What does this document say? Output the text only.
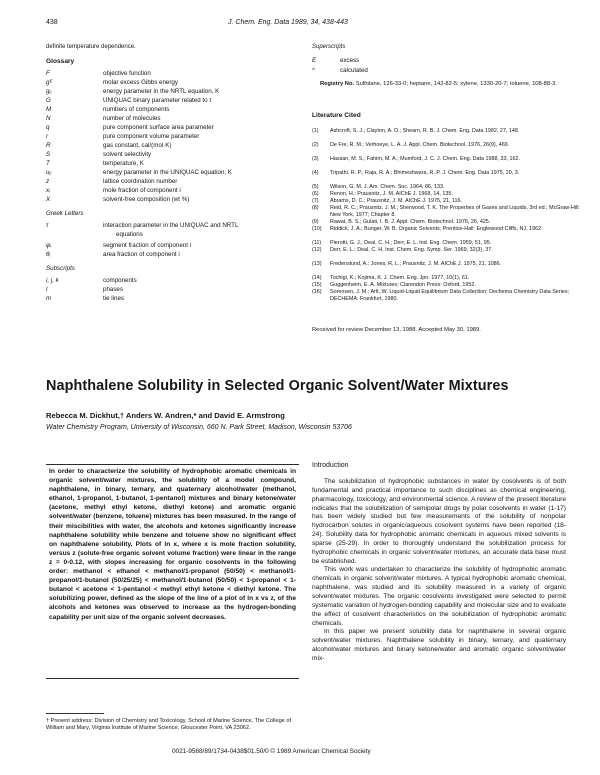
438	J. Chem. Eng. Data 1989, 34, 438-443
definite temperature dependence.
Glossary
F	objective function
gᴱ	molar excess Gibbs energy
gᵢⱼ	energy parameter in the NRTL equation, K
G	UNIQUAC binary parameter related to τ
M	numbers of components
N	number of molecules
q	pure component surface area parameter
r	pure component volume parameter
R	gas constant, cal/(mol·K)
S	solvent selectivity
T	temperature, K
uᵢⱼ	energy parameter in the UNIQUAC equation, K
z	lattice coordination number
xᵢ	mole fraction of component i
X	solvent-free composition (wt %)
Greek Letters
τ	interaction parameter in the UNIQUAC and NRTL
equations
φᵢ	segment fraction of component i
θᵢ	area fraction of component i
Subscripts
i, j, k	components
l	phases
m	tie lines
Superscripts
E	excess
^	calculated
Registry No. Sulfolane, 126-33-0; heptane, 142-82-5; xylene, 1330-20-7; toluene, 108-88-3.
Literature Cited
(1) Ashcroft, S. J.; Clayton, A. D.; Shearn, R. B. J. Chem. Eng. Data 1982, 27, 148.
(2) De Fre, R. M.; Verhoeye, L. A. J. Appl. Chem. Biotechnol. 1976, 26(9), 469.
(3) Hassan, M. S.; Fahim, M. A.; Mumford, J. C. J. Chem. Eng. Data 1988, 33, 162.
(4) Tripathi, R. P.; Raja, R. A.; Bhimeshwara, R. P. J. Chem. Eng. Data 1975, 20, 3.
(5) Wilson, G. M. J. Am. Chem. Soc. 1964, 86, 133.
(6) Renon, H.; Prausnitz, J. M. AIChE J. 1968, 14, 135.
(7) Abrams, D. C.; Prausnitz, J. M. AIChE J. 1975, 21, 116.
(8) Reid, R. C.; Prausnitz, J. M.; Sherwood, T. K. The Properties of Gases and Liquids, 3rd ed.; McGraw-Hill: New York, 1977; Chapter 8.
(9) Rawat, B. S.; Gulati, I. B. J. Appl. Chem. Biotechnol. 1976, 26, 425.
(10) Riddick, J. A.; Bunger, W. B. Organic Solvents; Prentice-Hall: Englewood Cliffs, NJ, 1962.
(11) Pierotti, G. J.; Deal, C. H.; Derr, E. L. Ind. Eng. Chem. 1959, 51, 95.
(12) Derr, E. L.; Deal, C. H. Inst. Chem. Eng. Symp. Ser. 1969, 32(3), 37.
(13) Fredenslund, A.; Jones, R. L.; Prausnitz, J. M. AIChE J. 1975, 21, 1086.
(14) Tochigi, K.; Kojima, K. J. Chem. Eng. Jpn. 1977, 10(1), 61.
(15) Guggenheim, E. A. Mixtures; Clarendon Press: Oxford, 1952.
(16) Sorensen, J. M.; Arlt, W. Liquid-Liquid Equilibrium Data Collection; Dechema Chemistry Data Series; DECHEMA: Frankfurt, 1980.
Received for review December 13, 1988. Accepted May 30, 1989.
Naphthalene Solubility in Selected Organic Solvent/Water Mixtures
Rebecca M. Dickhut,† Anders W. Andren,* and David E. Armstrong
Water Chemistry Program, University of Wisconsin, 660 N. Park Street, Madison, Wisconsin 53706
In order to characterize the solubility of hydrophobic aromatic chemicals in organic solvent/water mixtures, the solubility of a model compound, naphthalene, in binary, ternary, and quaternary alcohol/water (methanol, ethanol, 1-propanol, 1-butanol, 1-pentanol) mixtures and binary ketone/water (acetone, methyl ethyl ketone, diethyl ketone) and aromatic organic solvent/water (benzene, toluene) mixtures has been measured. In the range of their miscibilities with water, the alcohols and ketones significantly increase naphthalene solubility while benzene and toluene show no significant effect on naphthalene solubility. Plots of ln x, where x is mole fraction solubility, versus z (solute-free organic solvent volume fraction) were linear in the range z = 0-0.12, with slopes increasing for organic cosolvents in the following order: methanol < ethanol < methanol/1-propanol (50/50) < methanol/1-propanol/1-butanol (50/25/25) < methanol/1-butanol (50/50) < 1-propanol < 1-butanol < acetone < 1-pentanol < methyl ethyl ketone < diethyl ketone. The solubilizing power, defined as the slope of the line of a plot of ln x vs z, of the alcohols and ketones was observed to increase as the hydrogen-bonding capability per unit size of the organic solvent decreases.
Introduction

The solubilization of hydrophobic substances in water by cosolvents is of both fundamental and practical importance to such disciplines as chemical engineering, pharmacology, toxicology, and environmental science. A review of the present literature indicates that the solubilization of semipolar drugs by polar cosolvents in water (1-17) has been widely studied but few measurements of the solubility of nonpolar hydrocarbon solutes in organic/aqueous cosolvent systems have been reported (18-24). Solubility data for hydrophobic aromatic chemicals in aqueous mixed solvents is sparse (25-29). In order to thoroughly understand the solubilization process for hydrophobic chemicals in organic solvent/water mixtures, an accurate data base must be established.

This work was undertaken to characterize the solubility of hydrophobic aromatic chemicals in organic solvent/water mixtures. A typical hydrophobic aromatic chemical, naphthalene, was studied and its solubility measured in a variety of organic solvent/water mixtures. The organic cosolvents investigated were selected to permit systematic variation of hydrogen-bonding capability and molecular size and to evaluate the effect of cosolvent characteristics on the solubilization of hydrophobic aromatic chemicals.

In this paper we present solubility data for naphthalene in several organic solvent/water mixtures. Naphthalene solubility in binary, ternary, and quaternary alcohol/water mixtures and binary ketone/water and aromatic organic solvent/water mix-

† Present address: Division of Chemistry and Toxicology, School of Marine Science, The College of William and Mary, Virginia Institute of Marine Science, Gloucester Point, VA 23062.
0021-9568/89/1734-0438$01.50/0 © 1989 American Chemical Society
